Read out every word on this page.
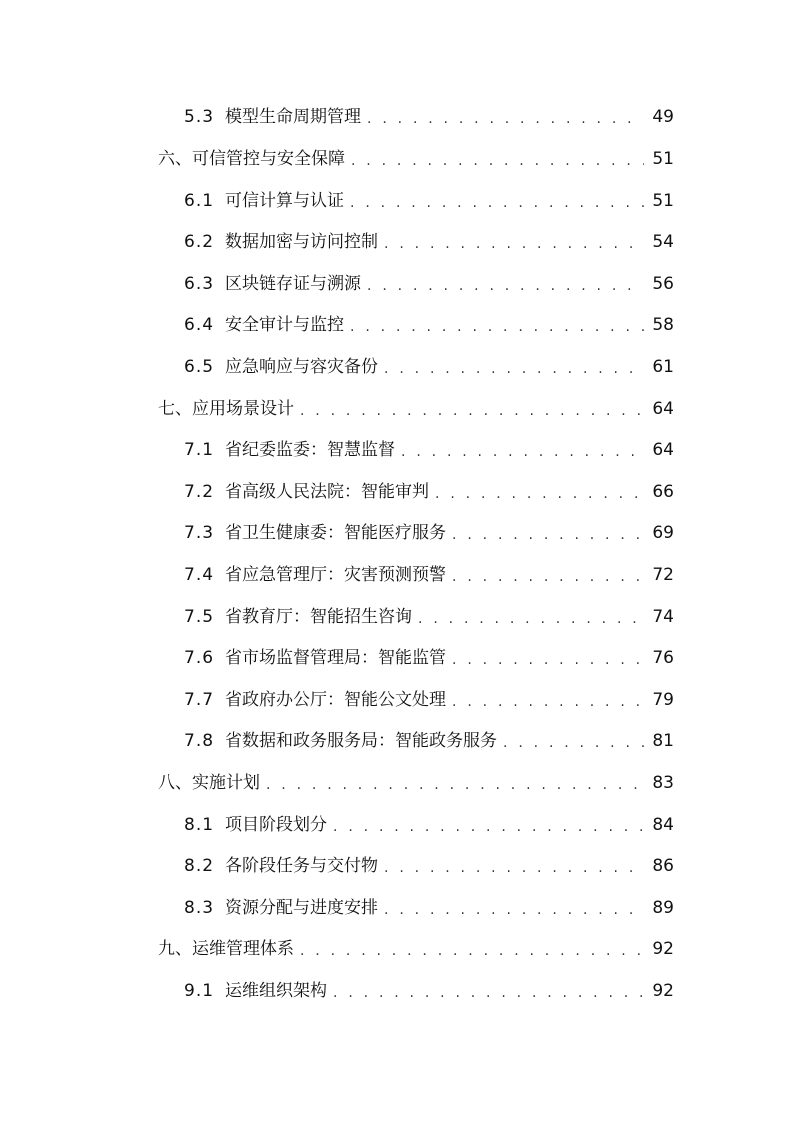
5.3 模型生命周期管理 . . .	49
六、可信管控与安全保障 . . .	51
6.1 可信计算与认证 . . .	51
6.2 数据加密与访问控制 . . .	54
6.3 区块链存证与溯源 . . .	56
6.4 安全审计与监控 . . .	58
6.5 应急响应与容灾备份 . . .	61
七、应用场景设计 . . .	64
7.1 省纪委监委：智慧监督 . . .	64
7.2 省高级人民法院：智能审判 . . .	66
7.3 省卫生健康委：智能医疗服务 . . .	69
7.4 省应急管理厅：灾害预测预警 . . .	72
7.5 省教育厅：智能招生咨询 . . .	74
7.6 省市场监督管理局：智能监管 . . .	76
7.7 省政府办公厅：智能公文处理 . . .	79
7.8 省数据和政务服务局：智能政务服务 . . .	81
八、实施计划 . . .	83
8.1 项目阶段划分 . . .	84
8.2 各阶段任务与交付物 . . .	86
8.3 资源分配与进度安排 . . .	89
九、运维管理体系 . . .	92
9.1 运维组织架构 . . .	92
